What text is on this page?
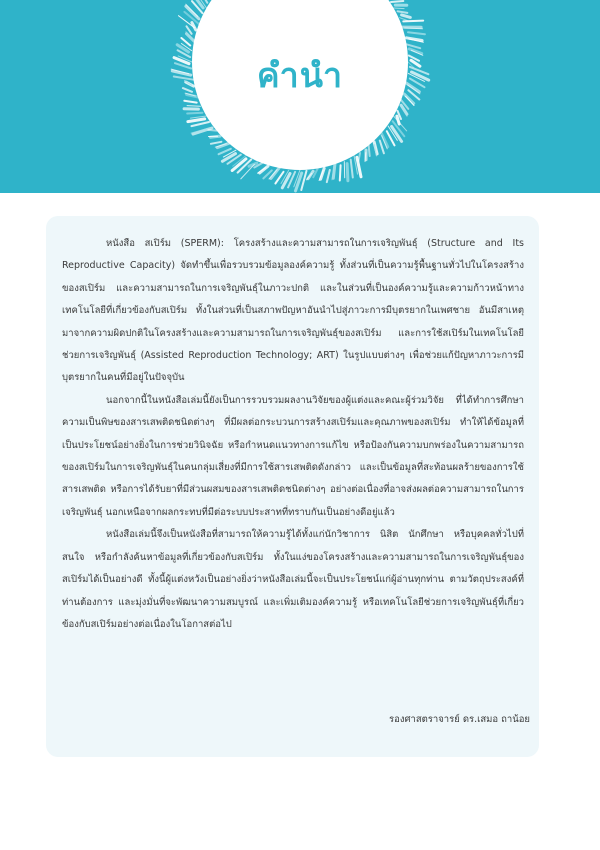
คำนำ

หนังสือ สเปิร์ม (SPERM): โครงสร้างและความสามารถในการเจริญพันธุ์ (Structure and Its Reproductive Capacity) จัดทำขึ้นเพื่อรวบรวมข้อมูลองค์ความรู้ ทั้งส่วนที่เป็นความรู้พื้นฐานทั่วไปในโครงสร้างของสเปิร์ม และความสามารถในการเจริญพันธุ์ในภาวะปกติ และในส่วนที่เป็นองค์ความรู้และความก้าวหน้าทางเทคโนโลยีที่เกี่ยวข้องกับสเปิร์ม ทั้งในส่วนที่เป็นสภาพปัญหาอันนำไปสู่ภาวะการมีบุตรยากในเพศชาย อันมีสาเหตุมาจากความผิดปกติในโครงสร้างและความสามารถในการเจริญพันธุ์ของสเปิร์ม และการใช้สเปิร์มในเทคโนโลยีช่วยการเจริญพันธุ์ (Assisted Reproduction Technology; ART) ในรูปแบบต่างๆ เพื่อช่วยแก้ปัญหาภาวะการมีบุตรยากในคนที่มีอยู่ในปัจจุบัน

นอกจากนี้ในหนังสือเล่มนี้ยังเป็นการรวบรวมผลงานวิจัยของผู้แต่งและคณะผู้ร่วมวิจัย ที่ได้ทำการศึกษาความเป็นพิษของสารเสพติดชนิดต่างๆ ที่มีผลต่อกระบวนการสร้างสเปิร์มและคุณภาพของสเปิร์ม ทำให้ได้ข้อมูลที่เป็นประโยชน์อย่างยิ่งในการช่วยวินิจฉัย หรือกำหนดแนวทางการแก้ไข หรือป้องกันความบกพร่องในความสามารถของสเปิร์มในการเจริญพันธุ์ในคนกลุ่มเสี่ยงที่มีการใช้สารเสพติดดังกล่าว และเป็นข้อมูลที่สะท้อนผลร้ายของการใช้สารเสพติด หรือการได้รับยาที่มีส่วนผสมของสารเสพติดชนิดต่างๆ อย่างต่อเนื่องที่อาจส่งผลต่อความสามารถในการเจริญพันธุ์ นอกเหนือจากผลกระทบที่มีต่อระบบประสาทที่ทราบกันเป็นอย่างดีอยู่แล้ว

หนังสือเล่มนี้จึงเป็นหนังสือที่สามารถให้ความรู้ได้ทั้งแก่นักวิชาการ นิสิต นักศึกษา หรือบุคคลทั่วไปที่สนใจ หรือกำลังค้นหาข้อมูลที่เกี่ยวข้องกับสเปิร์ม ทั้งในแง่ของโครงสร้างและความสามารถในการเจริญพันธุ์ของสเปิร์มได้เป็นอย่างดี ทั้งนี้ผู้แต่งหวังเป็นอย่างยิ่งว่าหนังสือเล่มนี้จะเป็นประโยชน์แก่ผู้อ่านทุกท่าน ตามวัตถุประสงค์ที่ท่านต้องการ และมุ่งมั่นที่จะพัฒนาความสมบูรณ์ และเพิ่มเติมองค์ความรู้ หรือเทคโนโลยีช่วยการเจริญพันธุ์ที่เกี่ยวข้องกับสเปิร์มอย่างต่อเนื่องในโอกาสต่อไป

รองศาสตราจารย์ ดร.เสมอ ถาน้อย
